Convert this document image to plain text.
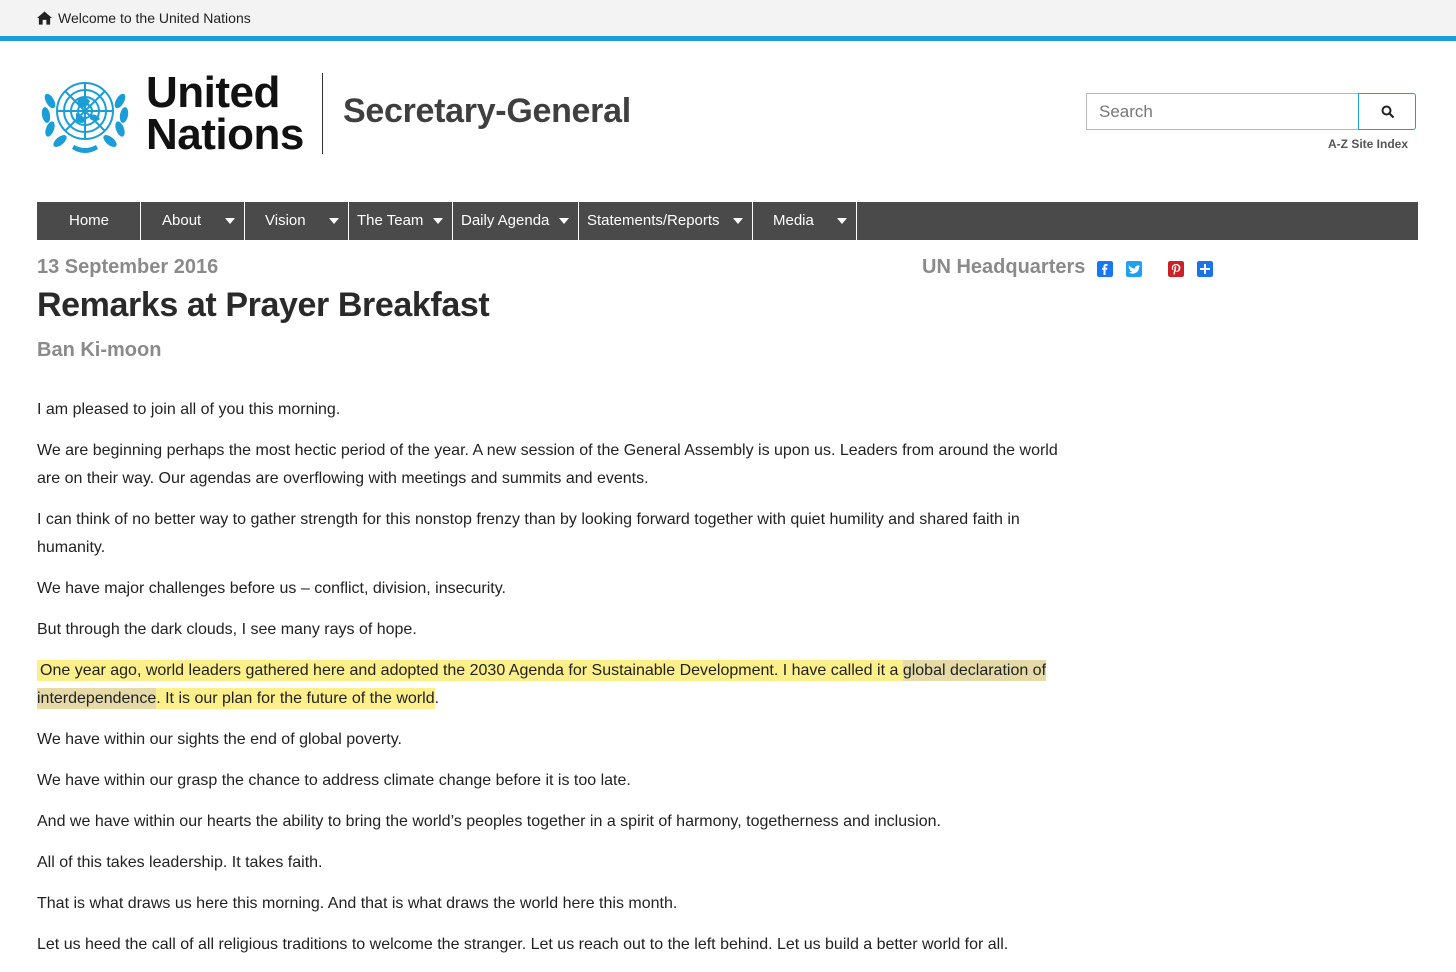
Welcome to the United Nations
United
Nations Secretary-General
Search
A-Z Site Index
Home	About	Vision	The Team	Daily Agenda	Statements/Reports	Media
13 September 2016	UN Headquarters
Remarks at Prayer Breakfast
Ban Ki-moon

I am pleased to join all of you this morning.

We are beginning perhaps the most hectic period of the year. A new session of the General Assembly is upon us. Leaders from around the world are on their way. Our agendas are overflowing with meetings and summits and events.

I can think of no better way to gather strength for this nonstop frenzy than by looking forward together with quiet humility and shared faith in humanity.

We have major challenges before us – conflict, division, insecurity.

But through the dark clouds, I see many rays of hope.

One year ago, world leaders gathered here and adopted the 2030 Agenda for Sustainable Development. I have called it a global declaration of interdependence. It is our plan for the future of the world.

We have within our sights the end of global poverty.

We have within our grasp the chance to address climate change before it is too late.

And we have within our hearts the ability to bring the world’s peoples together in a spirit of harmony, togetherness and inclusion.

All of this takes leadership. It takes faith.

That is what draws us here this morning. And that is what draws the world here this month.

Let us heed the call of all religious traditions to welcome the stranger. Let us reach out to the left behind. Let us build a better world for all.
